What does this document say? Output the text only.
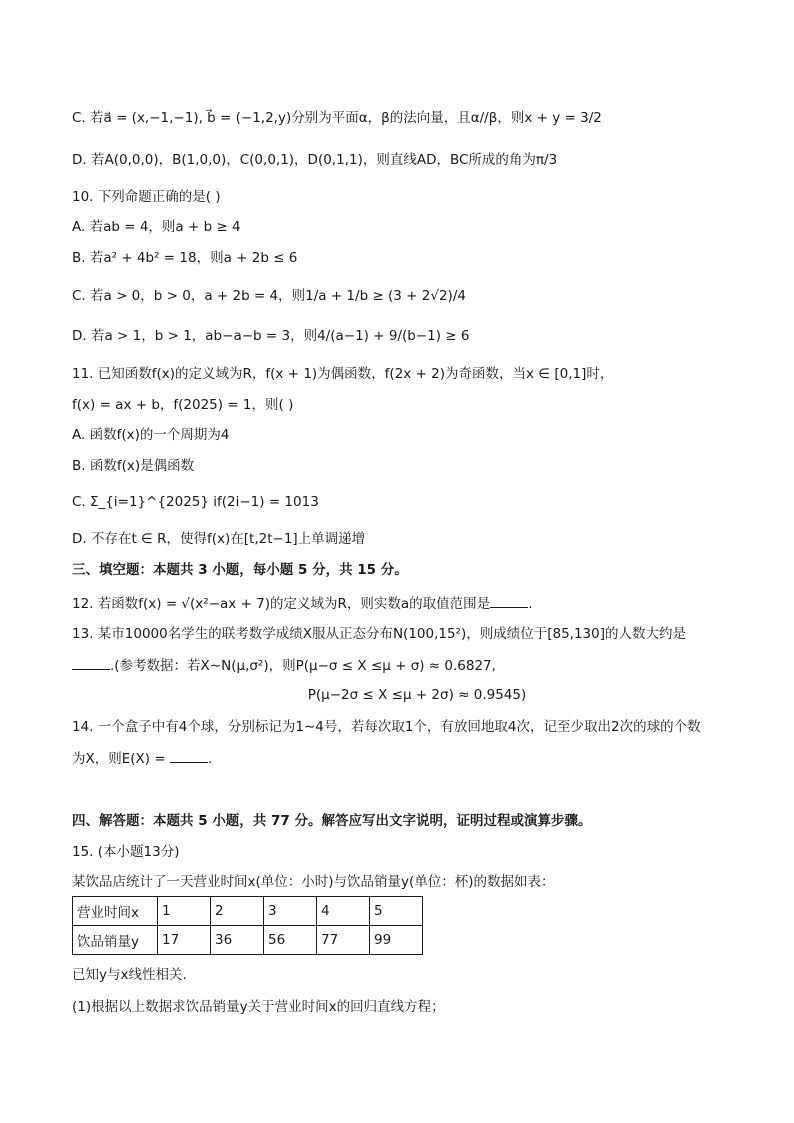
C. 若a⃗ = (x,−1,−1), b⃗ = (−1,2,y)分别为平面α，β的法向量，且α//β，则x + y = 3/2
D. 若A(0,0,0)，B(1,0,0)，C(0,0,1)，D(0,1,1)，则直线AD，BC所成的角为π/3
10. 下列命题正确的是( )
A. 若ab = 4，则a + b ≥ 4
B. 若a² + 4b² = 18，则a + 2b ≤ 6
C. 若a > 0，b > 0，a + 2b = 4，则1/a + 1/b ≥ (3 + 2√2)/4
D. 若a > 1，b > 1，ab−a−b = 3，则4/(a−1) + 9/(b−1) ≥ 6
11. 已知函数f(x)的定义域为R，f(x + 1)为偶函数，f(2x + 2)为奇函数，当x ∈ [0,1]时，
f(x) = ax + b，f(2025) = 1，则( )
A. 函数f(x)的一个周期为4
B. 函数f(x)是偶函数
C. Σ_{i=1}^{2025} if(2i−1) = 1013
D. 不存在t ∈ R，使得f(x)在[t,2t−1]上单调递增
三、填空题：本题共 3 小题，每小题 5 分，共 15 分。
12. 若函数f(x) = √(x²−ax + 7)的定义域为R，则实数a的取值范围是	.
13. 某市10000名学生的联考数学成绩X服从正态分布N(100,15²)，则成绩位于[85,130]的人数大约是
.(参考数据：若X∼N(μ,σ²)，则P(μ−σ ≤ X ≤μ + σ) ≈ 0.6827,
P(μ−2σ ≤ X ≤μ + 2σ) ≈ 0.9545)
14. 一个盒子中有4个球，分别标记为1∼4号，若每次取1个，有放回地取4次，记至少取出2次的球的个数
为X，则E(X) =	.
四、解答题：本题共 5 小题，共 77 分。解答应写出文字说明，证明过程或演算步骤。
15. (本小题13分)
某饮品店统计了一天营业时间x(单位：小时)与饮品销量y(单位：杯)的数据如表：
营业时间x	1	2	3	4	5
饮品销量y	17	36	56	77	99
已知y与x线性相关.
(1)根据以上数据求饮品销量y关于营业时间x的回归直线方程；
